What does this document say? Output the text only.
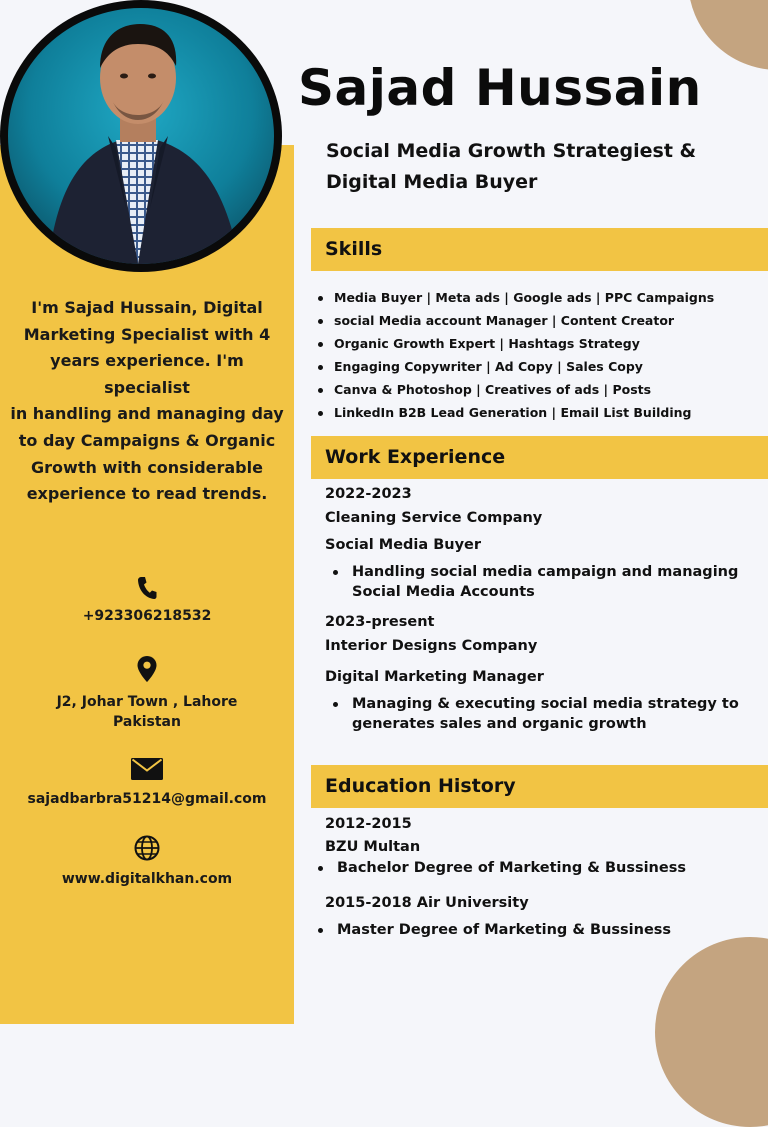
I'm Sajad Hussain, Digital
Marketing Specialist with 4
years experience. I'm specialist
in handling and managing day
to day Campaigns & Organic
Growth with considerable
experience to read trends.
+923306218532
J2, Johar Town , Lahore
Pakistan
sajadbarbra51214@gmail.com
www.digitalkhan.com
Sajad Hussain
Social Media Growth Strategiest &
Digital Media Buyer
Skills
Media Buyer | Meta ads | Google ads | PPC Campaigns
social Media account Manager | Content Creator
Organic Growth Expert | Hashtags Strategy
Engaging Copywriter | Ad Copy | Sales Copy
Canva & Photoshop | Creatives of ads | Posts
LinkedIn B2B Lead Generation | Email List Building
Work Experience
2022-2023
Cleaning Service Company
Social Media Buyer
Handling social media campaign and managing
Social Media Accounts
2023-present
Interior Designs Company
Digital Marketing Manager
Managing & executing social media strategy to
generates sales and organic growth
Education History
2012-2015
BZU Multan
Bachelor Degree of Marketing & Bussiness
2015-2018 Air University
Master Degree of Marketing & Bussiness
